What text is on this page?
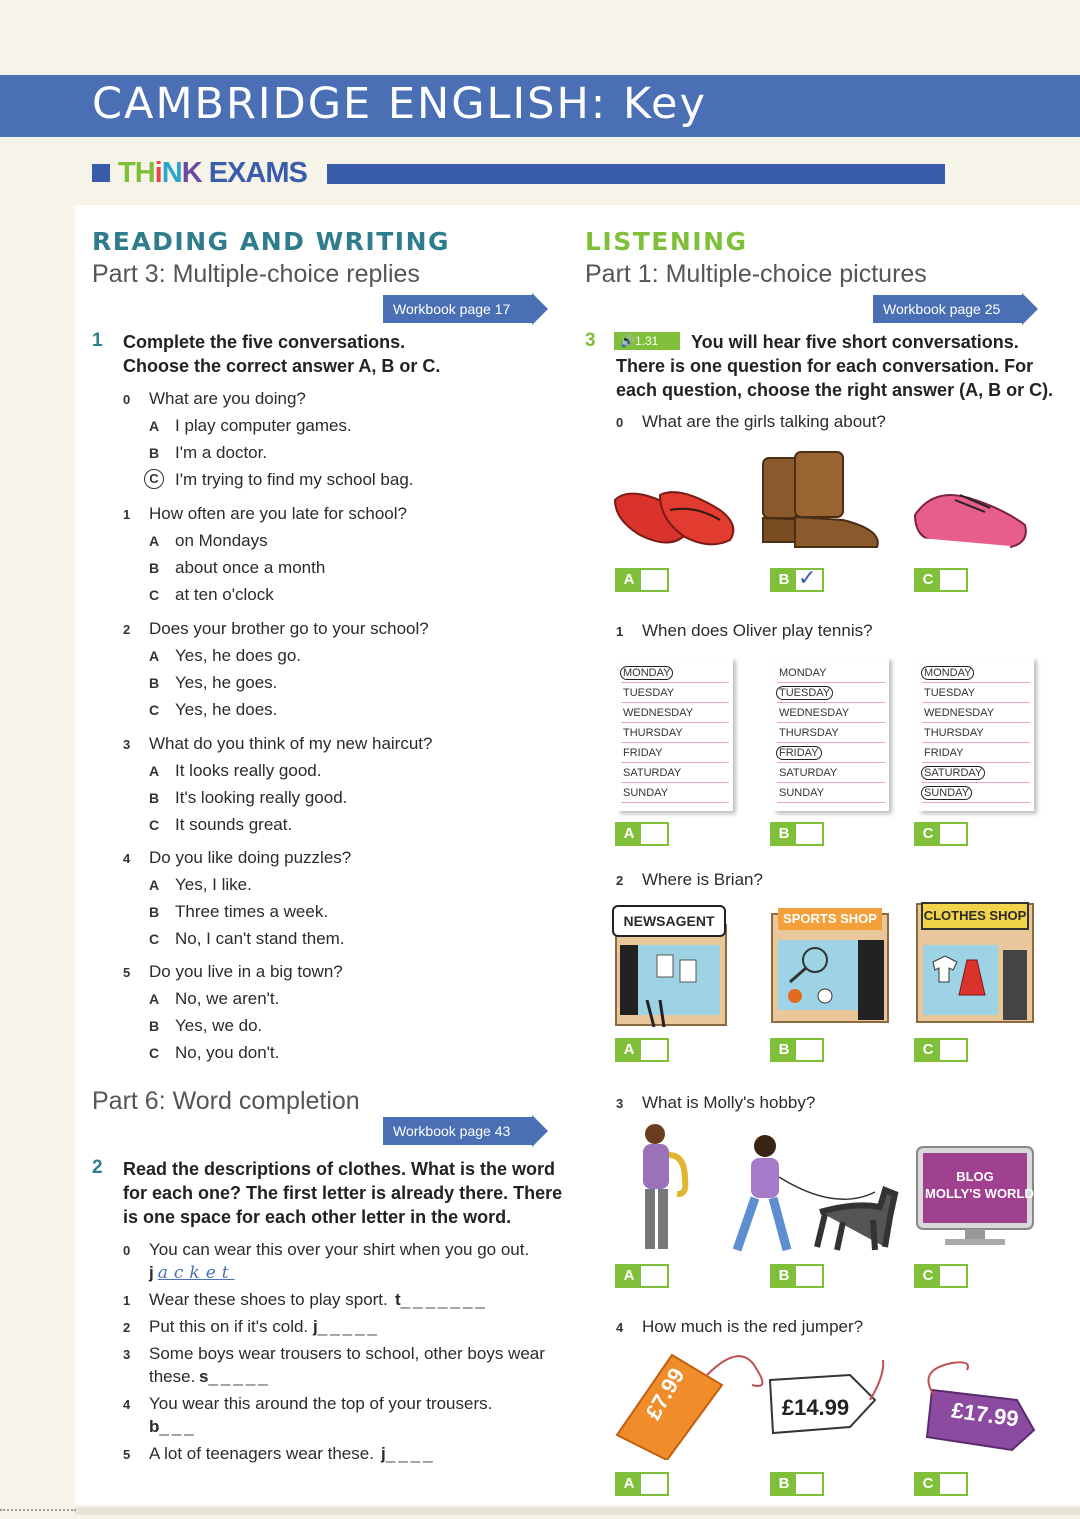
CAMBRIDGE ENGLISH: Key
THiNK EXAMS
READING AND WRITING
Part 3: Multiple-choice replies
Workbook page 17
1 Complete the five conversations.
Choose the correct answer A, B or C.
0 What are you doing?
A I play computer games.
B I'm a doctor.
C I'm trying to find my school bag.
1 How often are you late for school?
A on Mondays
B about once a month
C at ten o'clock
2 Does your brother go to your school?
A Yes, he does go.
B Yes, he goes.
C Yes, he does.
3 What do you think of my new haircut?
A It looks really good.
B It's looking really good.
C It sounds great.
4 Do you like doing puzzles?
A Yes, I like.
B Three times a week.
C No, I can't stand them.
5 Do you live in a big town?
A No, we aren't.
B Yes, we do.
C No, you don't.
Part 6: Word completion
Workbook page 43
2 Read the descriptions of clothes. What is the word
for each one? The first letter is already there. There
is one space for each other letter in the word.
0 You can wear this over your shirt when you go out.
j acket
1 Wear these shoes to play sport. t_______
2 Put this on if it's cold. j_____
3 Some boys wear trousers to school, other boys wear
these. s_____
4 You wear this around the top of your trousers.
b___
5 A lot of teenagers wear these. j____
LISTENING
Part 1: Multiple-choice pictures
Workbook page 25
3	🔊1.31	You will hear five short conversations.
There is one question for each conversation. For
each question, choose the right answer (A, B or C).
0 What are the girls talking about?
1 When does Oliver play tennis?
2 Where is Brian?
3 What is Molly's hobby?
4 How much is the red jumper?
MONDAY
TUESDAY
WEDNESDAY
THURSDAY
FRIDAY
SATURDAY
SUNDAY
MONDAY
TUESDAY
WEDNESDAY
THURSDAY
FRIDAY
SATURDAY
SUNDAY
MONDAY
TUESDAY
WEDNESDAY
THURSDAY
FRIDAY
SATURDAY
SUNDAY
NEWSAGENT	SPORTS SHOP	CLOTHES SHOP
BLOG
MOLLY'S WORLD
£7.99	£14.99	£17.99
A	B ✓	C
A	B	C
A	B	C
A	B	C
A	B	C
